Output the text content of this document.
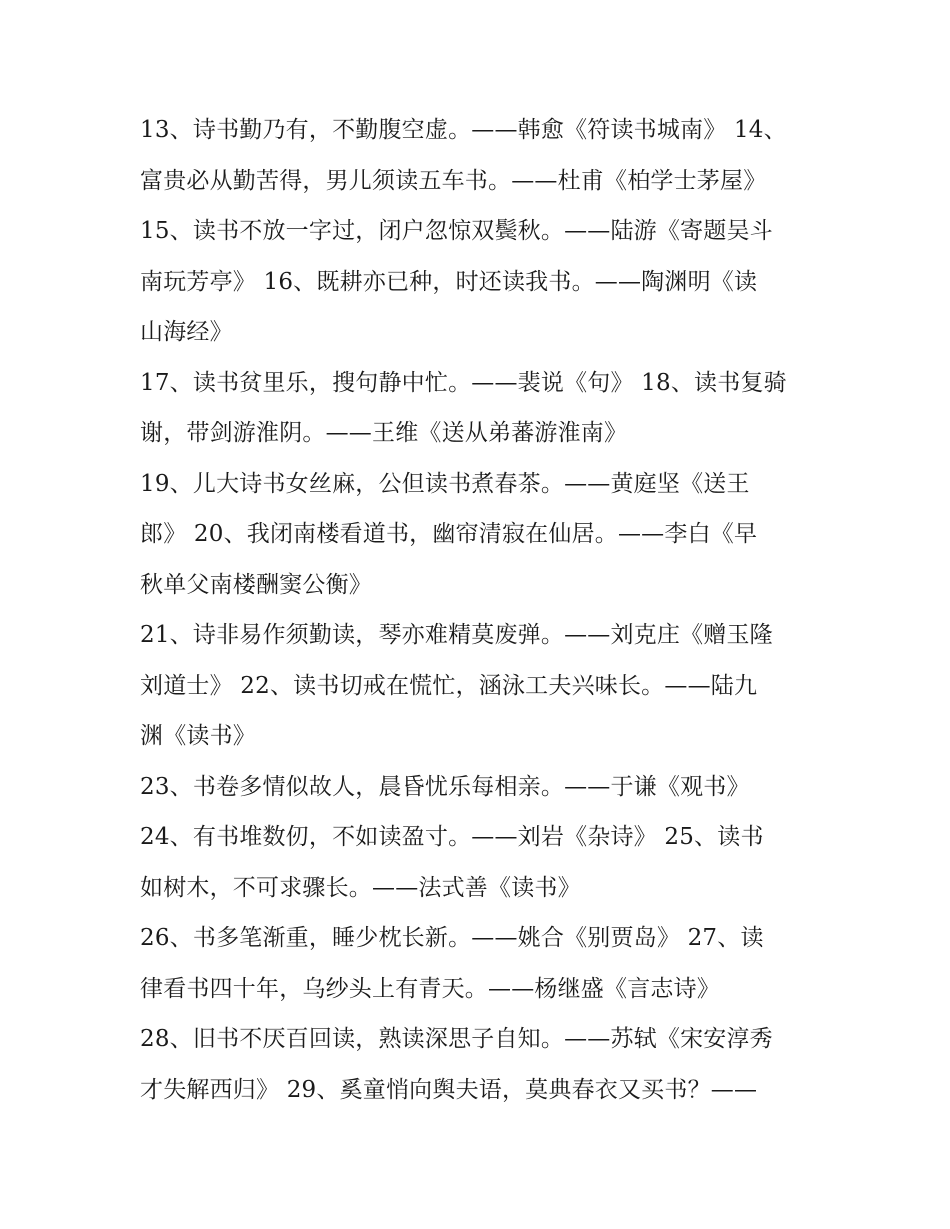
13、诗书勤乃有，不勤腹空虚。——韩愈《符读书城南》 14、
富贵必从勤苦得，男儿须读五车书。——杜甫《柏学士茅屋》
15、读书不放一字过，闭户忽惊双鬓秋。——陆游《寄题吴斗
南玩芳亭》 16、既耕亦已种，时还读我书。——陶渊明《读
山海经》
17、读书贫里乐，搜句静中忙。——裴说《句》 18、读书复骑
谢，带剑游淮阴。——王维《送从弟蕃游淮南》
19、儿大诗书女丝麻，公但读书煮春茶。——黄庭坚《送王
郎》 20、我闭南楼看道书，幽帘清寂在仙居。——李白《早
秋单父南楼酬窦公衡》
21、诗非易作须勤读，琴亦难精莫废弹。——刘克庄《赠玉隆
刘道士》 22、读书切戒在慌忙，涵泳工夫兴味长。——陆九
渊《读书》
23、书卷多情似故人，晨昏忧乐每相亲。——于谦《观书》
24、有书堆数仞，不如读盈寸。——刘岩《杂诗》 25、读书
如树木，不可求骤长。——法式善《读书》
26、书多笔渐重，睡少枕长新。——姚合《别贾岛》 27、读
律看书四十年，乌纱头上有青天。——杨继盛《言志诗》
28、旧书不厌百回读，熟读深思子自知。——苏轼《宋安淳秀
才失解西归》 29、奚童悄向舆夫语，莫典春衣又买书？——
